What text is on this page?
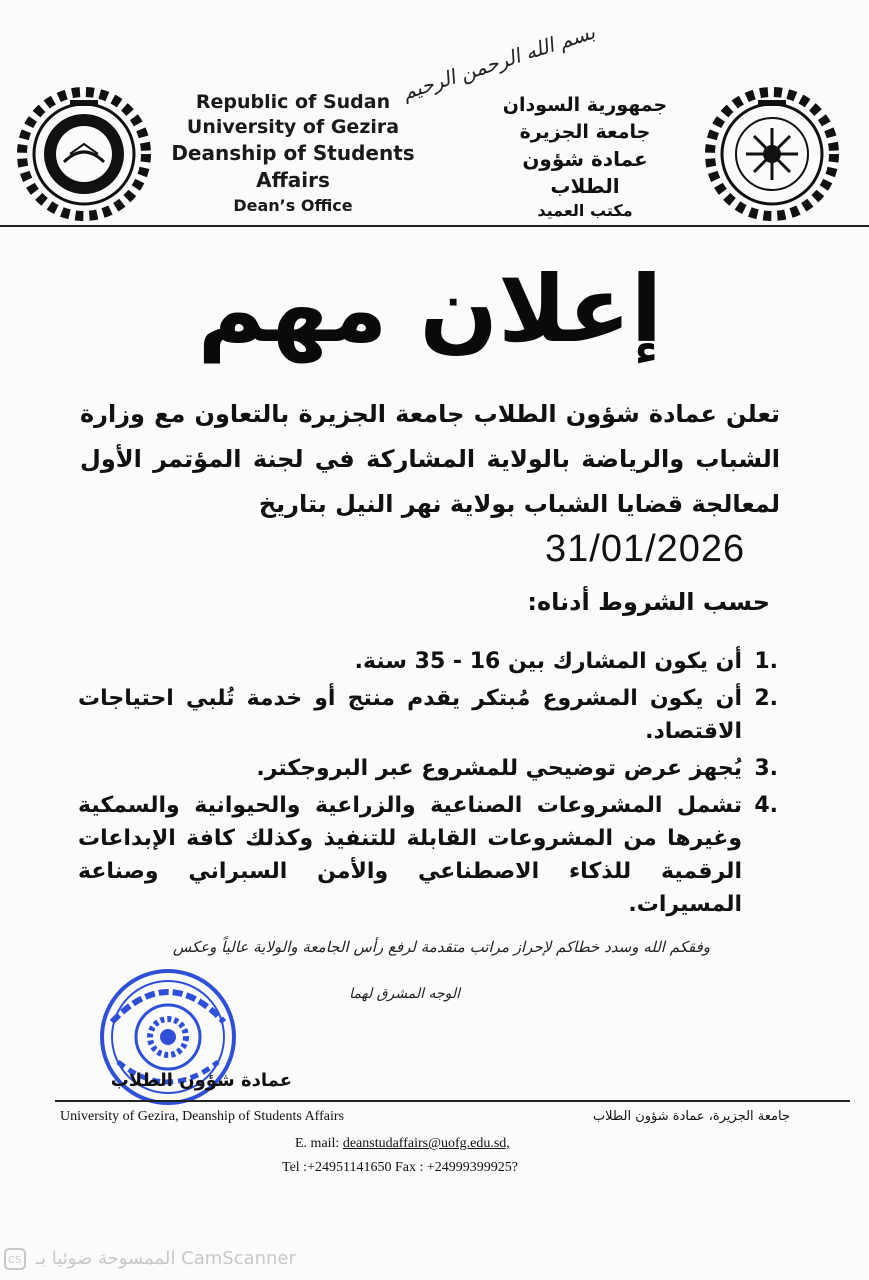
بسم الله الرحمن الرحيم
Republic of Sudan
University of Gezira
Deanship of Students
Affairs
Dean’s Office
جمهورية السودان
جامعة الجزيرة
عمادة شؤون
الطلاب
مكتب العميد
إعلان مهم
تعلن عمادة شؤون الطلاب جامعة الجزيرة بالتعاون مع وزارة الشباب والرياضة بالولاية المشاركة في لجنة المؤتمر الأول لمعالجة قضايا الشباب بولاية نهر النيل بتاريخ
31/01/2026
حسب الشروط أدناه:
1.
أن يكون المشارك بين 16 - 35 سنة.
2.
أن يكون المشروع مُبتكر يقدم منتج أو خدمة تُلبي احتياجات الاقتصاد.
3.
يُجهز عرض توضيحي للمشروع عبر البروجكتر.
4.
تشمل المشروعات الصناعية والزراعية والحيوانية والسمكية وغيرها من المشروعات القابلة للتنفيذ وكذلك كافة الإبداعات الرقمية للذكاء الاصطناعي والأمن السبراني وصناعة المسيرات.
وفقكم الله وسدد خطاكم لإحراز مراتب متقدمة لرفع رأس الجامعة والولاية عالياً وعكس
الوجه المشرق لهما
عمادة شؤون الطلاب
University of Gezira, Deanship of Students Affairs	جامعة الجزيرة، عمادة شؤون الطلاب
E. mail: deanstudaffairs@uofg.edu.sd,
Tel :+24951141650 Fax : +24999399925?
CS الممسوحة ضوئيا بـ CamScanner
